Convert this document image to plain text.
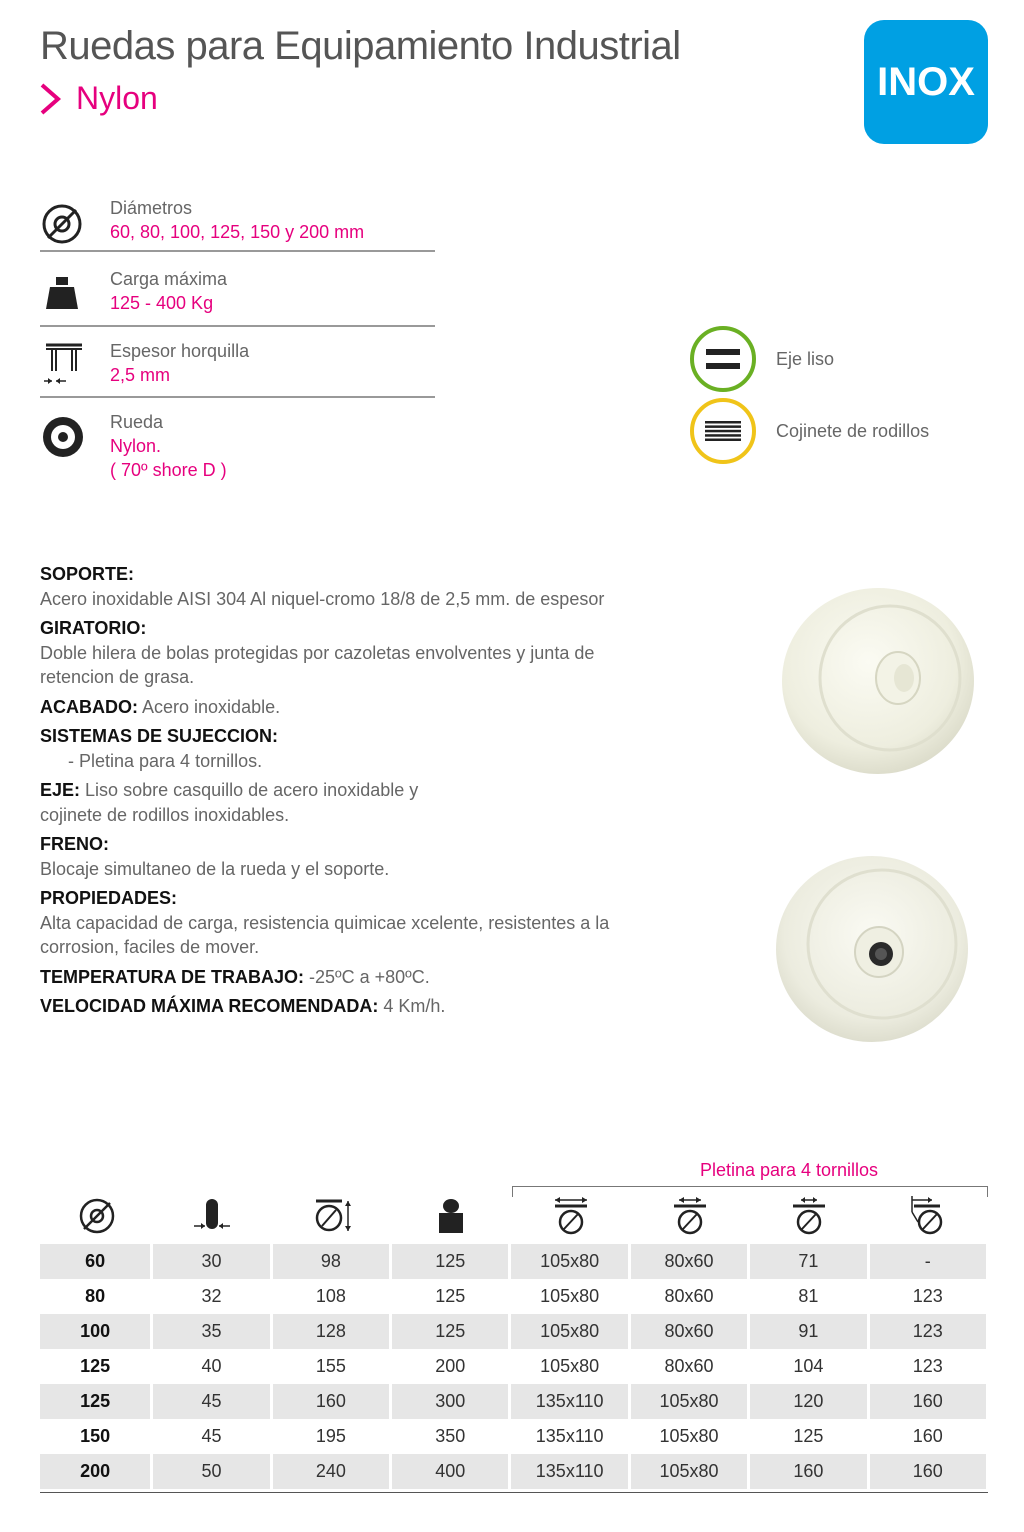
Ruedas para Equipamiento Industrial
Nylon	INOX
Diámetros
60, 80, 100, 125, 150 y 200 mm
Carga máxima
125 - 400 Kg
Espesor horquilla
2,5 mm
Rueda
Nylon.
( 70º shore D )
Eje liso
Cojinete de rodillos

SOPORTE:

Acero inoxidable AISI 304 Al niquel-cromo 18/8 de 2,5 mm. de espesor

GIRATORIO:

Doble hilera de bolas protegidas por cazoletas envolventes y junta de retencion de grasa.

ACABADO: Acero inoxidable.

SISTEMAS DE SUJECCION:

- Pletina para 4 tornillos.

EJE: Liso sobre casquillo de acero inoxidable y cojinete de rodillos inoxidables.

FRENO:

Blocaje simultaneo de la rueda y el soporte.

PROPIEDADES:

Alta capacidad de carga, resistencia quimicae xcelente, resistentes a la corrosion, faciles de mover.

TEMPERATURA DE TRABAJO: -25ºC a +80ºC.

VELOCIDAD MÁXIMA RECOMENDADA: 4 Km/h.

Pletina para 4 tornillos
60	30	98	125	105x80	80x60	71	-
80	32	108	125	105x80	80x60	81	123
100	35	128	125	105x80	80x60	91	123
125	40	155	200	105x80	80x60	104	123
125	45	160	300	135x110	105x80	120	160
150	45	195	350	135x110	105x80	125	160
200	50	240	400	135x110	105x80	160	160
